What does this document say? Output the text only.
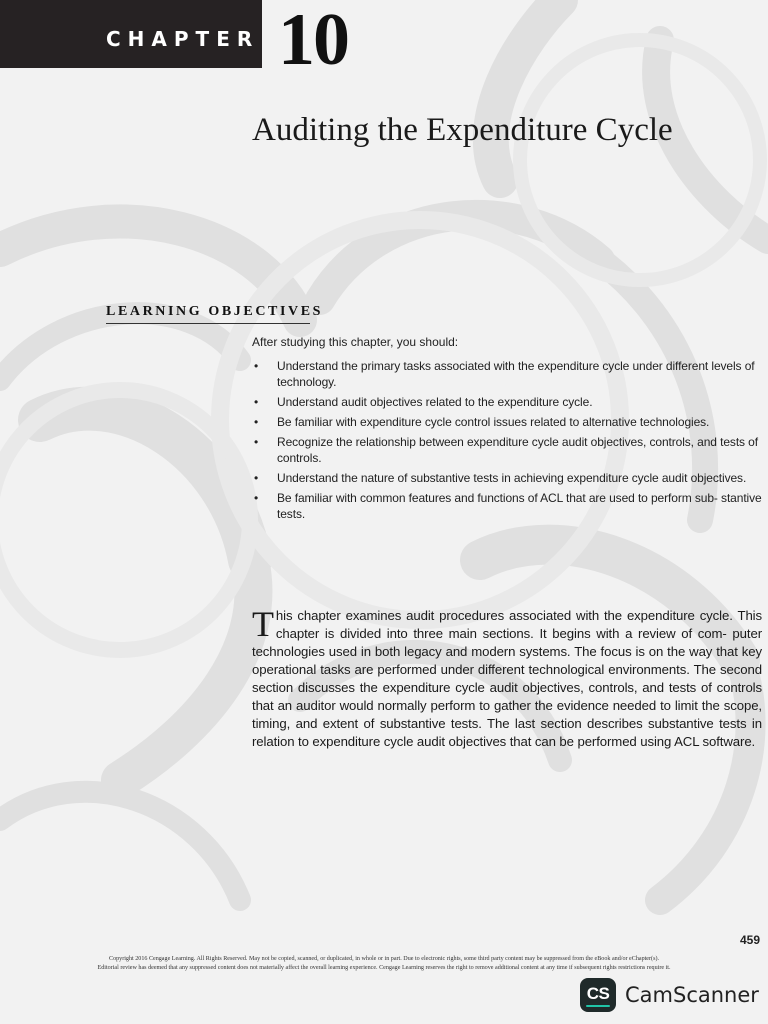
CHAPTER 10
Auditing the Expenditure Cycle
LEARNING OBJECTIVES
After studying this chapter, you should:
• Understand the primary tasks associated with the expenditure cycle under different levels of technology.
• Understand audit objectives related to the expenditure cycle.
• Be familiar with expenditure cycle control issues related to alternative technologies.
• Recognize the relationship between expenditure cycle audit objectives, controls, and tests of controls.
• Understand the nature of substantive tests in achieving expenditure cycle audit objectives.
• Be familiar with common features and functions of ACL that are used to perform sub- stantive tests.

This chapter examines audit procedures associated with the expenditure cycle. This chapter is divided into three main sections. It begins with a review of com- puter technologies used in both legacy and modern systems. The focus is on the way that key operational tasks are performed under different technological environments. The second section discusses the expenditure cycle audit objectives, controls, and tests of controls that an auditor would normally perform to gather the evidence needed to limit the scope, timing, and extent of substantive tests. The last section describes substantive tests in relation to expenditure cycle audit objectives that can be performed using ACL software.

459
Copyright 2016 Cengage Learning. All Rights Reserved. May not be copied, scanned, or duplicated, in whole or in part. Due to electronic rights, some third party content may be suppressed from the eBook and/or eChapter(s).
Editorial review has deemed that any suppressed content does not materially affect the overall learning experience. Cengage Learning reserves the right to remove additional content at any time if subsequent rights restrictions require it.
CS CamScanner
